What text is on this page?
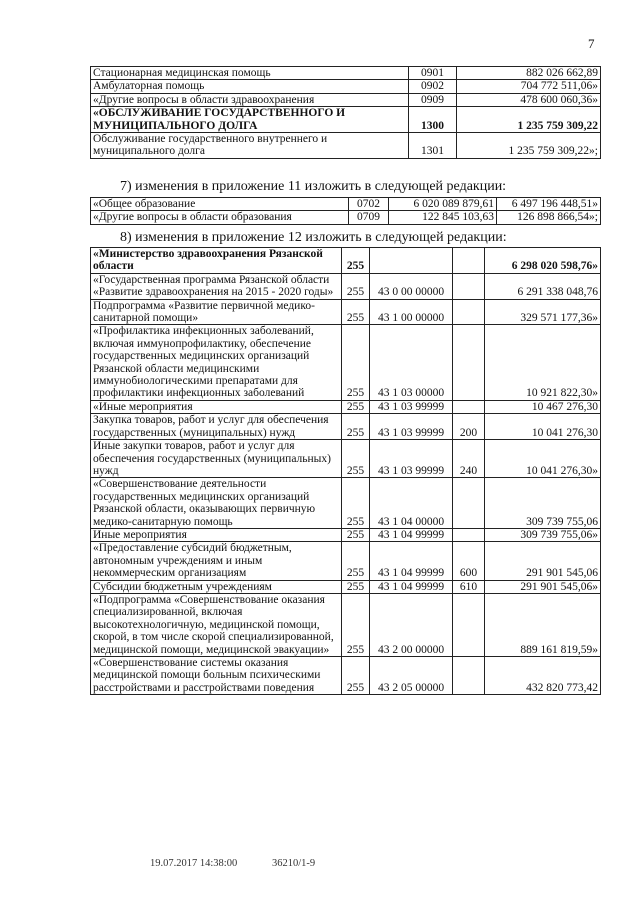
7
Стационарная медицинская помощь	0901	882 026 662,89
Амбулаторная помощь	0902	704 772 511,06»
«Другие вопросы в области здравоохранения	0909	478 600 060,36»
«ОБСЛУЖИВАНИЕ ГОСУДАРСТВЕННОГО И МУНИЦИПАЛЬНОГО ДОЛГА	1300	1 235 759 309,22
Обслуживание государственного внутреннего и муниципального долга	1301	1 235 759 309,22»;
7) изменения в приложение 11 изложить в следующей редакции:
«Общее образование	0702	6 020 089 879,61	6 497 196 448,51»
«Другие вопросы в области образования	0709	122 845 103,63	126 898 866,54»;
8) изменения в приложение 12 изложить в следующей редакции:
«Министерство здравоохранения Рязанской области	255			6 298 020 598,76»
«Государственная программа Рязанской области «Развитие здравоохранения на 2015 - 2020 годы»	255	43 0 00 00000		6 291 338 048,76
Подпрограмма «Развитие первичной медико-санитарной помощи»	255	43 1 00 00000		329 571 177,36»
«Профилактика инфекционных заболеваний, включая иммунопрофилактику, обеспечение государственных медицинских организаций Рязанской области медицинскими иммунобиологическими препаратами для профилактики инфекционных заболеваний	255	43 1 03 00000		10 921 822,30»
«Иные мероприятия	255	43 1 03 99999		10 467 276,30
Закупка товаров, работ и услуг для обеспечения государственных (муниципальных) нужд	255	43 1 03 99999	200	10 041 276,30
Иные закупки товаров, работ и услуг для обеспечения государственных (муниципальных) нужд	255	43 1 03 99999	240	10 041 276,30»
«Совершенствование деятельности государственных медицинских организаций Рязанской области, оказывающих первичную медико-санитарную помощь	255	43 1 04 00000		309 739 755,06
Иные мероприятия	255	43 1 04 99999		309 739 755,06»
«Предоставление субсидий бюджетным, автономным учреждениям и иным некоммерческим организациям	255	43 1 04 99999	600	291 901 545,06
Субсидии бюджетным учреждениям	255	43 1 04 99999	610	291 901 545,06»
«Подпрограмма «Совершенствование оказания специализированной, включая высокотехнологичную, медицинской помощи, скорой, в том числе скорой специализированной, медицинской помощи, медицинской эвакуации»	255	43 2 00 00000		889 161 819,59»
«Совершенствование системы оказания медицинской помощи больным психическими расстройствами и расстройствами поведения	255	43 2 05 00000		432 820 773,42
19.07.2017 14:38:00	36210/1-9
